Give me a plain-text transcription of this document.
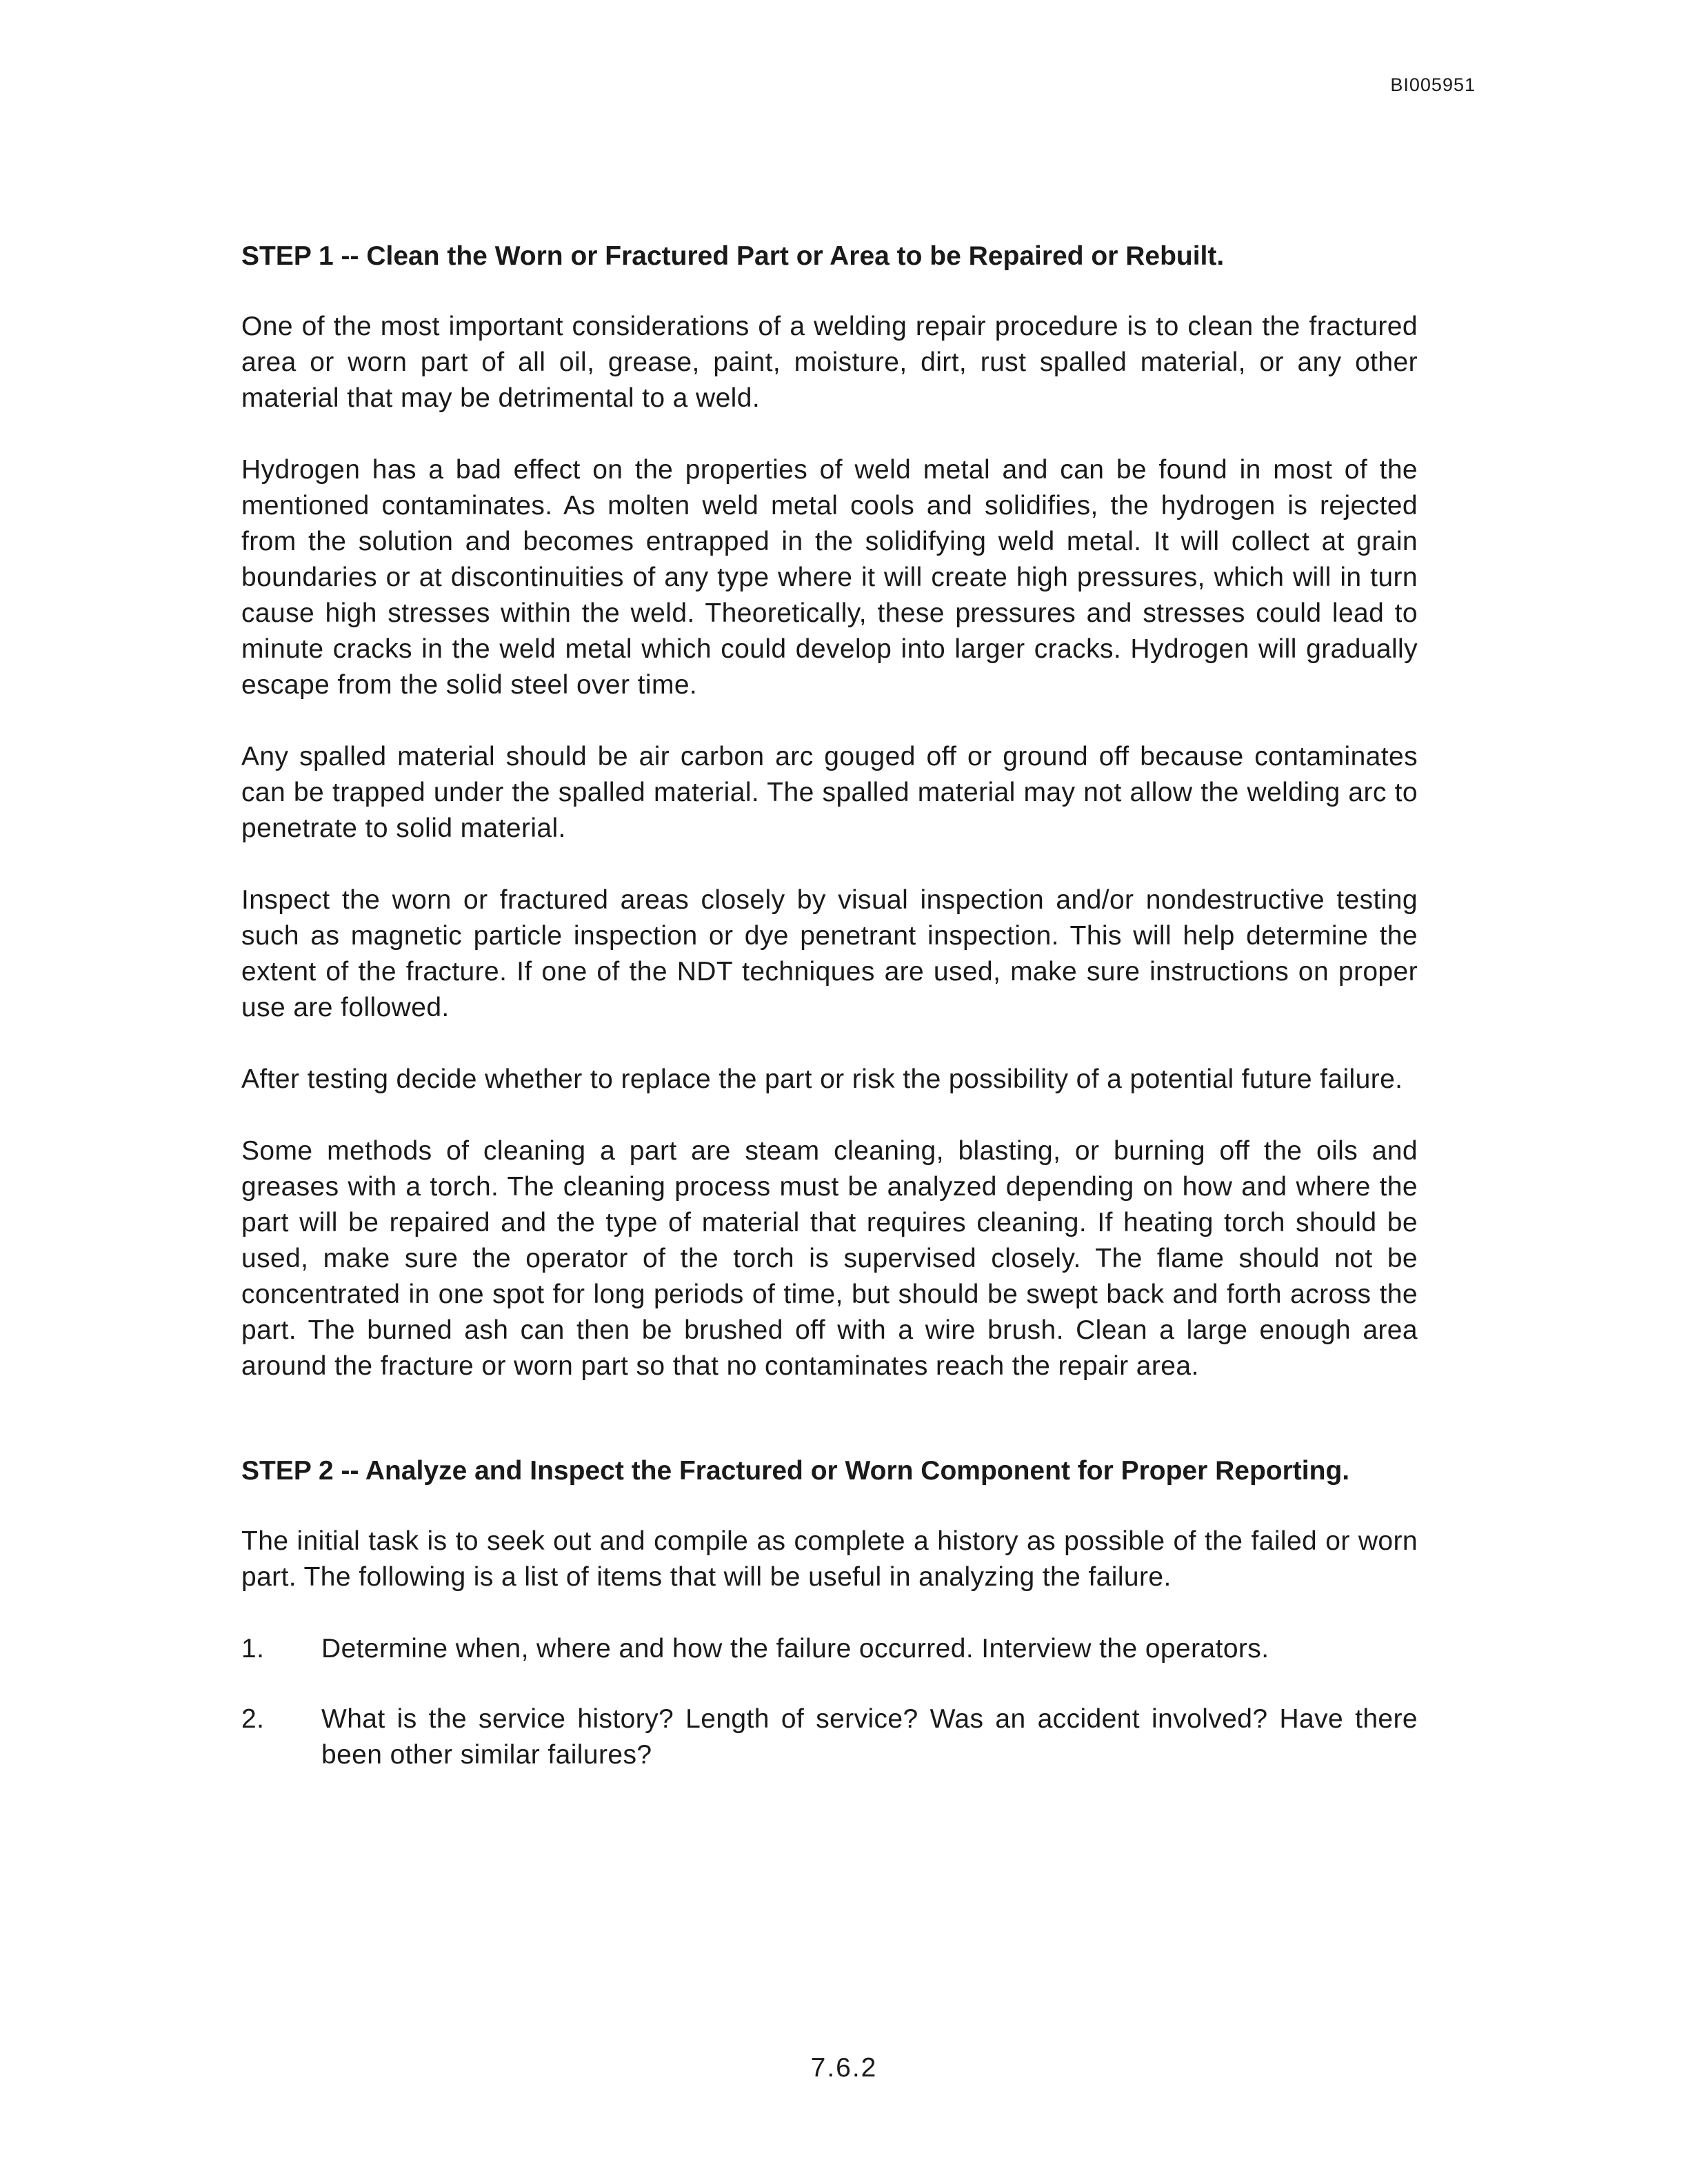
BI005951
STEP 1 -- Clean the Worn or Fractured Part or Area to be Repaired or Rebuilt.

One of the most important considerations of a welding repair procedure is to clean the fractured area or worn part of all oil, grease, paint, moisture, dirt, rust spalled material, or any other material that may be detrimental to a weld.

Hydrogen has a bad effect on the properties of weld metal and can be found in most of the mentioned contaminates. As molten weld metal cools and solidifies, the hydrogen is rejected from the solution and becomes entrapped in the solidifying weld metal. It will collect at grain boundaries or at discontinuities of any type where it will create high pressures, which will in turn cause high stresses within the weld. Theoretically, these pressures and stresses could lead to minute cracks in the weld metal which could develop into larger cracks. Hydrogen will gradually escape from the solid steel over time.

Any spalled material should be air carbon arc gouged off or ground off because contaminates can be trapped under the spalled material. The spalled material may not allow the welding arc to penetrate to solid material.

Inspect the worn or fractured areas closely by visual inspection and/or nondestructive testing such as magnetic particle inspection or dye penetrant inspection. This will help determine the extent of the fracture. If one of the NDT techniques are used, make sure instructions on proper use are followed.

After testing decide whether to replace the part or risk the possibility of a potential future failure.

Some methods of cleaning a part are steam cleaning, blasting, or burning off the oils and greases with a torch. The cleaning process must be analyzed depending on how and where the part will be repaired and the type of material that requires cleaning. If heating torch should be used, make sure the operator of the torch is supervised closely. The flame should not be concentrated in one spot for long periods of time, but should be swept back and forth across the part. The burned ash can then be brushed off with a wire brush. Clean a large enough area around the fracture or worn part so that no contaminates reach the repair area.

STEP 2 -- Analyze and Inspect the Fractured or Worn Component for Proper Reporting.

The initial task is to seek out and compile as complete a history as possible of the failed or worn part. The following is a list of items that will be useful in analyzing the failure.

1.	Determine when, where and how the failure occurred. Interview the operators.
2.	What is the service history? Length of service? Was an accident involved? Have there been other similar failures?
7.6.2
